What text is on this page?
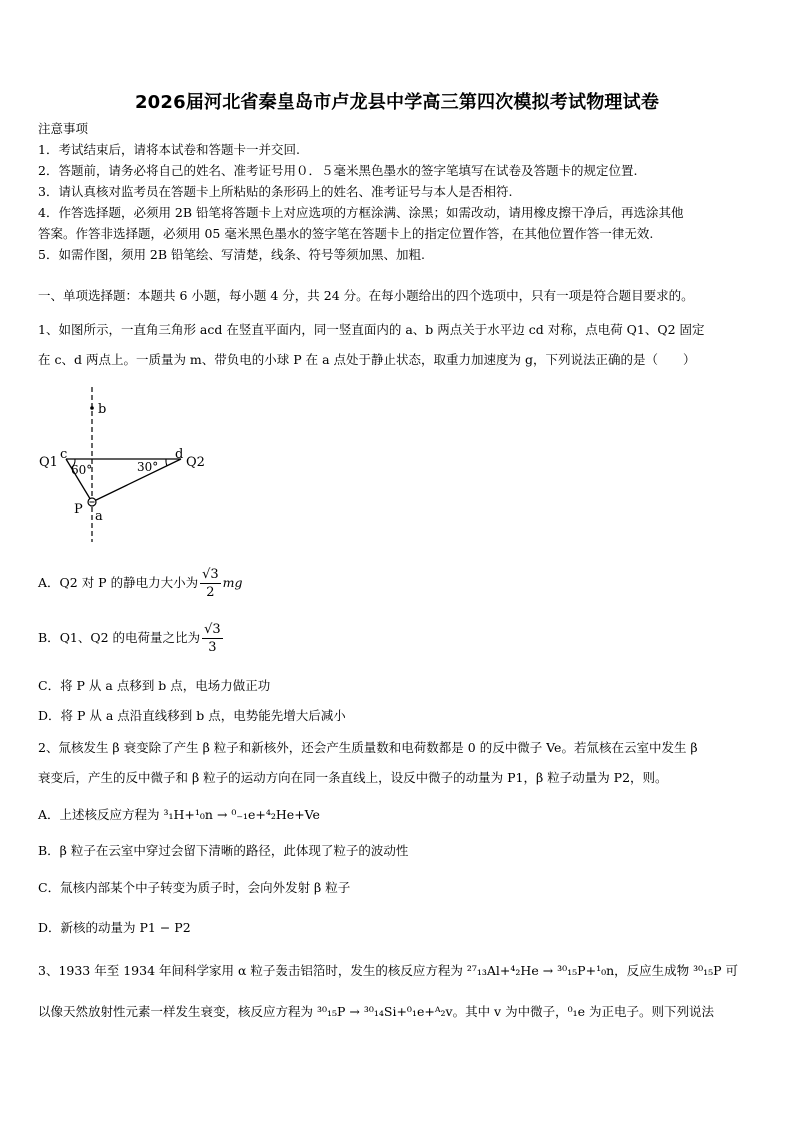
2026届河北省秦皇岛市卢龙县中学高三第四次模拟考试物理试卷
注意事项
1．考试结束后，请将本试卷和答题卡一并交回.
2．答题前，请务必将自己的姓名、准考证号用０．５毫米黑色墨水的签字笔填写在试卷及答题卡的规定位置.
3．请认真核对监考员在答题卡上所粘贴的条形码上的姓名、准考证号与本人是否相符.
4．作答选择题，必须用 2B 铅笔将答题卡上对应选项的方框涂满、涂黑；如需改动，请用橡皮擦干净后，再选涂其他
答案。作答非选择题，必须用 05 毫米黑色墨水的签字笔在答题卡上的指定位置作答，在其他位置作答一律无效.
5．如需作图，须用 2B 铅笔绘、写清楚，线条、符号等须加黑、加粗.
一、单项选择题：本题共 6 小题，每小题 4 分，共 24 分。在每小题给出的四个选项中，只有一项是符合题目要求的。
1、如图所示，一直角三角形 acd 在竖直平面内，同一竖直面内的 a、b 两点关于水平边 cd 对称，点电荷 Q1、Q2 固定
在 c、d 两点上。一质量为 m、带负电的小球 P 在 a 点处于静止状态，取重力加速度为 g，下列说法正确的是（　　）
b
60°	30°
c	d
Q1	Q2
P a
A．Q2 对 P 的静电力大小为 $\frac{√3}{2}$ mg
B．Q1、Q2 的电荷量之比为 $\frac{√3}{3}$
C．将 P 从 a 点移到 b 点，电场力做正功
D．将 P 从 a 点沿直线移到 b 点，电势能先增大后减小
2、氚核发生 β 衰变除了产生 β 粒子和新核外，还会产生质量数和电荷数都是 0 的反中微子 Ve。若氚核在云室中发生 β
衰变后，产生的反中微子和 β 粒子的运动方向在同一条直线上，设反中微子的动量为 P1，β 粒子动量为 P2，则。
A．上述核反应方程为 ³₁H+¹₀n → ⁰₋₁e+⁴₂He+Ve
B．β 粒子在云室中穿过会留下清晰的路径，此体现了粒子的波动性
C．氚核内部某个中子转变为质子时，会向外发射 β 粒子
D．新核的动量为 P1 − P2
3、1933 年至 1934 年间科学家用 α 粒子轰击铝箔时，发生的核反应方程为 ²⁷₁₃Al+⁴₂He → ³⁰₁₅P+¹₀n，反应生成物 ³⁰₁₅P 可
以像天然放射性元素一样发生衰变，核反应方程为 ³⁰₁₅P → ³⁰₁₄Si+⁰₁e+ᴬ₂v。其中 v 为中微子，⁰₁e 为正电子。则下列说法
